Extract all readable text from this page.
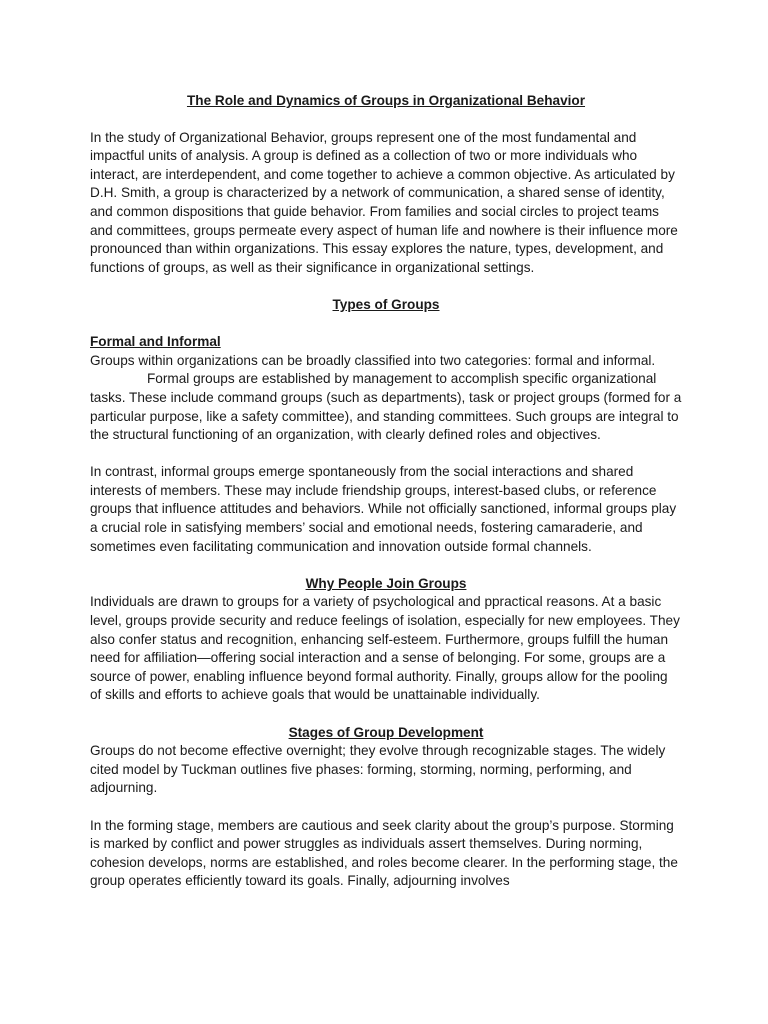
The Role and Dynamics of Groups in Organizational Behavior

In the study of Organizational Behavior, groups represent one of the most fundamental and impactful units of analysis. A group is defined as a collection of two or more individuals who interact, are interdependent, and come together to achieve a common objective. As articulated by D.H. Smith, a group is characterized by a network of communication, a shared sense of identity, and common dispositions that guide behavior. From families and social circles to project teams and committees, groups permeate every aspect of human life and nowhere is their influence more pronounced than within organizations. This essay explores the nature, types, development, and functions of groups, as well as their significance in organizational settings.

Types of Groups

Formal and Informal

Groups within organizations can be broadly classified into two categories: formal and informal.

Formal groups are established by management to accomplish specific organizational tasks. These include command groups (such as departments), task or project groups (formed for a particular purpose, like a safety committee), and standing committees. Such groups are integral to the structural functioning of an organization, with clearly defined roles and objectives.

In contrast, informal groups emerge spontaneously from the social interactions and shared interests of members. These may include friendship groups, interest-based clubs, or reference groups that influence attitudes and behaviors. While not officially sanctioned, informal groups play a crucial role in satisfying members’ social and emotional needs, fostering camaraderie, and sometimes even facilitating communication and innovation outside formal channels.

Why People Join Groups

Individuals are drawn to groups for a variety of psychological and ppractical reasons. At a basic level, groups provide security and reduce feelings of isolation, especially for new employees. They also confer status and recognition, enhancing self-esteem. Furthermore, groups fulfill the human need for affiliation—offering social interaction and a sense of belonging. For some, groups are a source of power, enabling influence beyond formal authority. Finally, groups allow for the pooling of skills and efforts to achieve goals that would be unattainable individually.

Stages of Group Development

Groups do not become effective overnight; they evolve through recognizable stages. The widely cited model by Tuckman outlines five phases: forming, storming, norming, performing, and adjourning.

In the forming stage, members are cautious and seek clarity about the group’s purpose. Storming is marked by conflict and power struggles as individuals assert themselves. During norming, cohesion develops, norms are established, and roles become clearer. In the performing stage, the group operates efficiently toward its goals. Finally, adjourning involves
